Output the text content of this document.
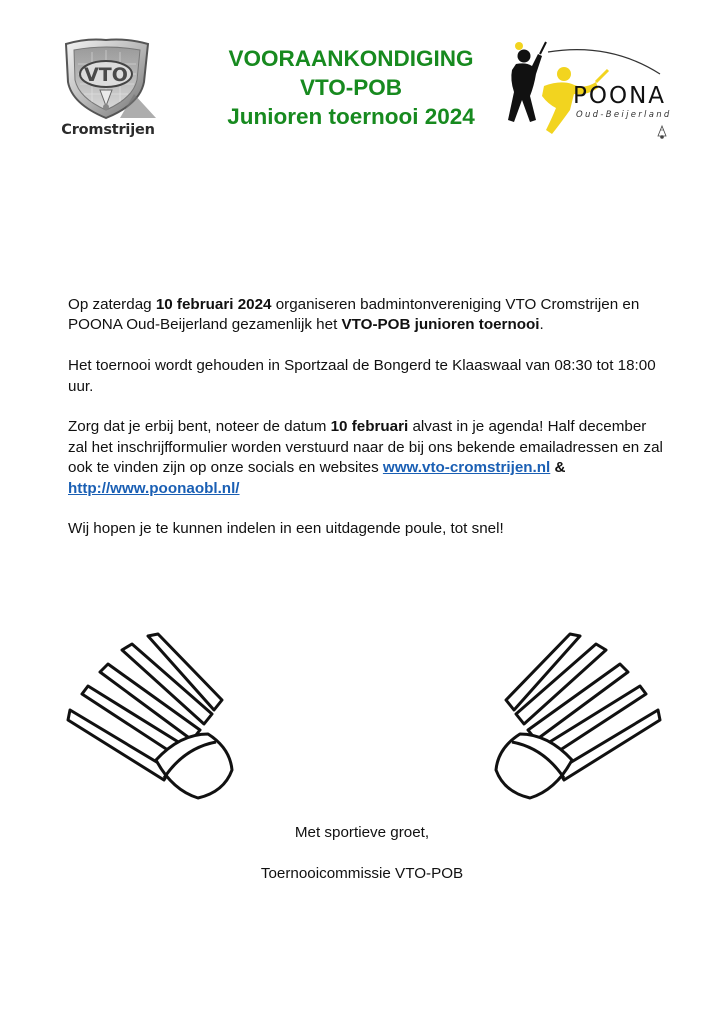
VTO
Cromstrijen
VOORAANKONDIGING
VTO-POB
Junioren toernooi 2024
POONA
Oud-Beijerland

Op zaterdag 10 februari 2024 organiseren badmintonvereniging VTO Cromstrijen en POONA Oud-Beijerland gezamenlijk het VTO-POB junioren toernooi.

Het toernooi wordt gehouden in Sportzaal de Bongerd te Klaaswaal van 08:30 tot 18:00 uur.

Zorg dat je erbij bent, noteer de datum 10 februari alvast in je agenda! Half december zal het inschrijfformulier worden verstuurd naar de bij ons bekende emailadressen en zal ook te vinden zijn op onze socials en websites www.vto-cromstrijen.nl & http://www.poonaobl.nl/

Wij hopen je te kunnen indelen in een uitdagende poule, tot snel!

Met sportieve groet,
Toernooicommissie VTO-POB
